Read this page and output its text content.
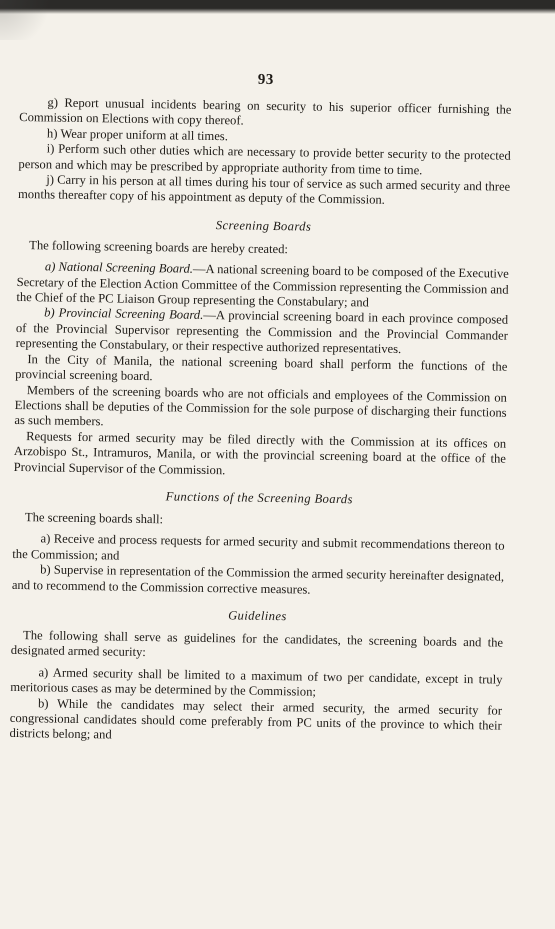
93

g) Report unusual incidents bearing on security to his superior officer furnishing the Commission on Elections with copy thereof.

h) Wear proper uniform at all times.

i) Perform such other duties which are necessary to provide better security to the protected person and which may be prescribed by appropriate authority from time to time.

j) Carry in his person at all times during his tour of service as such armed security and three months thereafter copy of his appointment as deputy of the Commission.

Screening Boards

The following screening boards are hereby created:

a) National Screening Board.—A national screening board to be composed of the Executive Secretary of the Election Action Committee of the Commission representing the Commission and the Chief of the PC Liaison Group representing the Constabulary; and

b) Provincial Screening Board.—A provincial screening board in each province composed of the Provincial Supervisor representing the Commission and the Provincial Commander representing the Constabulary, or their respective authorized representatives.

In the City of Manila, the national screening board shall perform the functions of the provincial screening board.

Members of the screening boards who are not officials and employees of the Commission on Elections shall be deputies of the Commission for the sole purpose of discharging their functions as such members.

Requests for armed security may be filed directly with the Commission at its offices on Arzobispo St., Intramuros, Manila, or with the provincial screening board at the office of the Provincial Supervisor of the Commission.

Functions of the Screening Boards

The screening boards shall:

a) Receive and process requests for armed security and submit recommendations thereon to the Commission; and

b) Supervise in representation of the Commission the armed security hereinafter designated, and to recommend to the Commission corrective measures.

Guidelines

The following shall serve as guidelines for the candidates, the screening boards and the designated armed security:

a) Armed security shall be limited to a maximum of two per candidate, except in truly meritorious cases as may be determined by the Commission;

b) While the candidates may select their armed security, the armed security for congressional candidates should come preferably from PC units of the province to which their districts belong; and
